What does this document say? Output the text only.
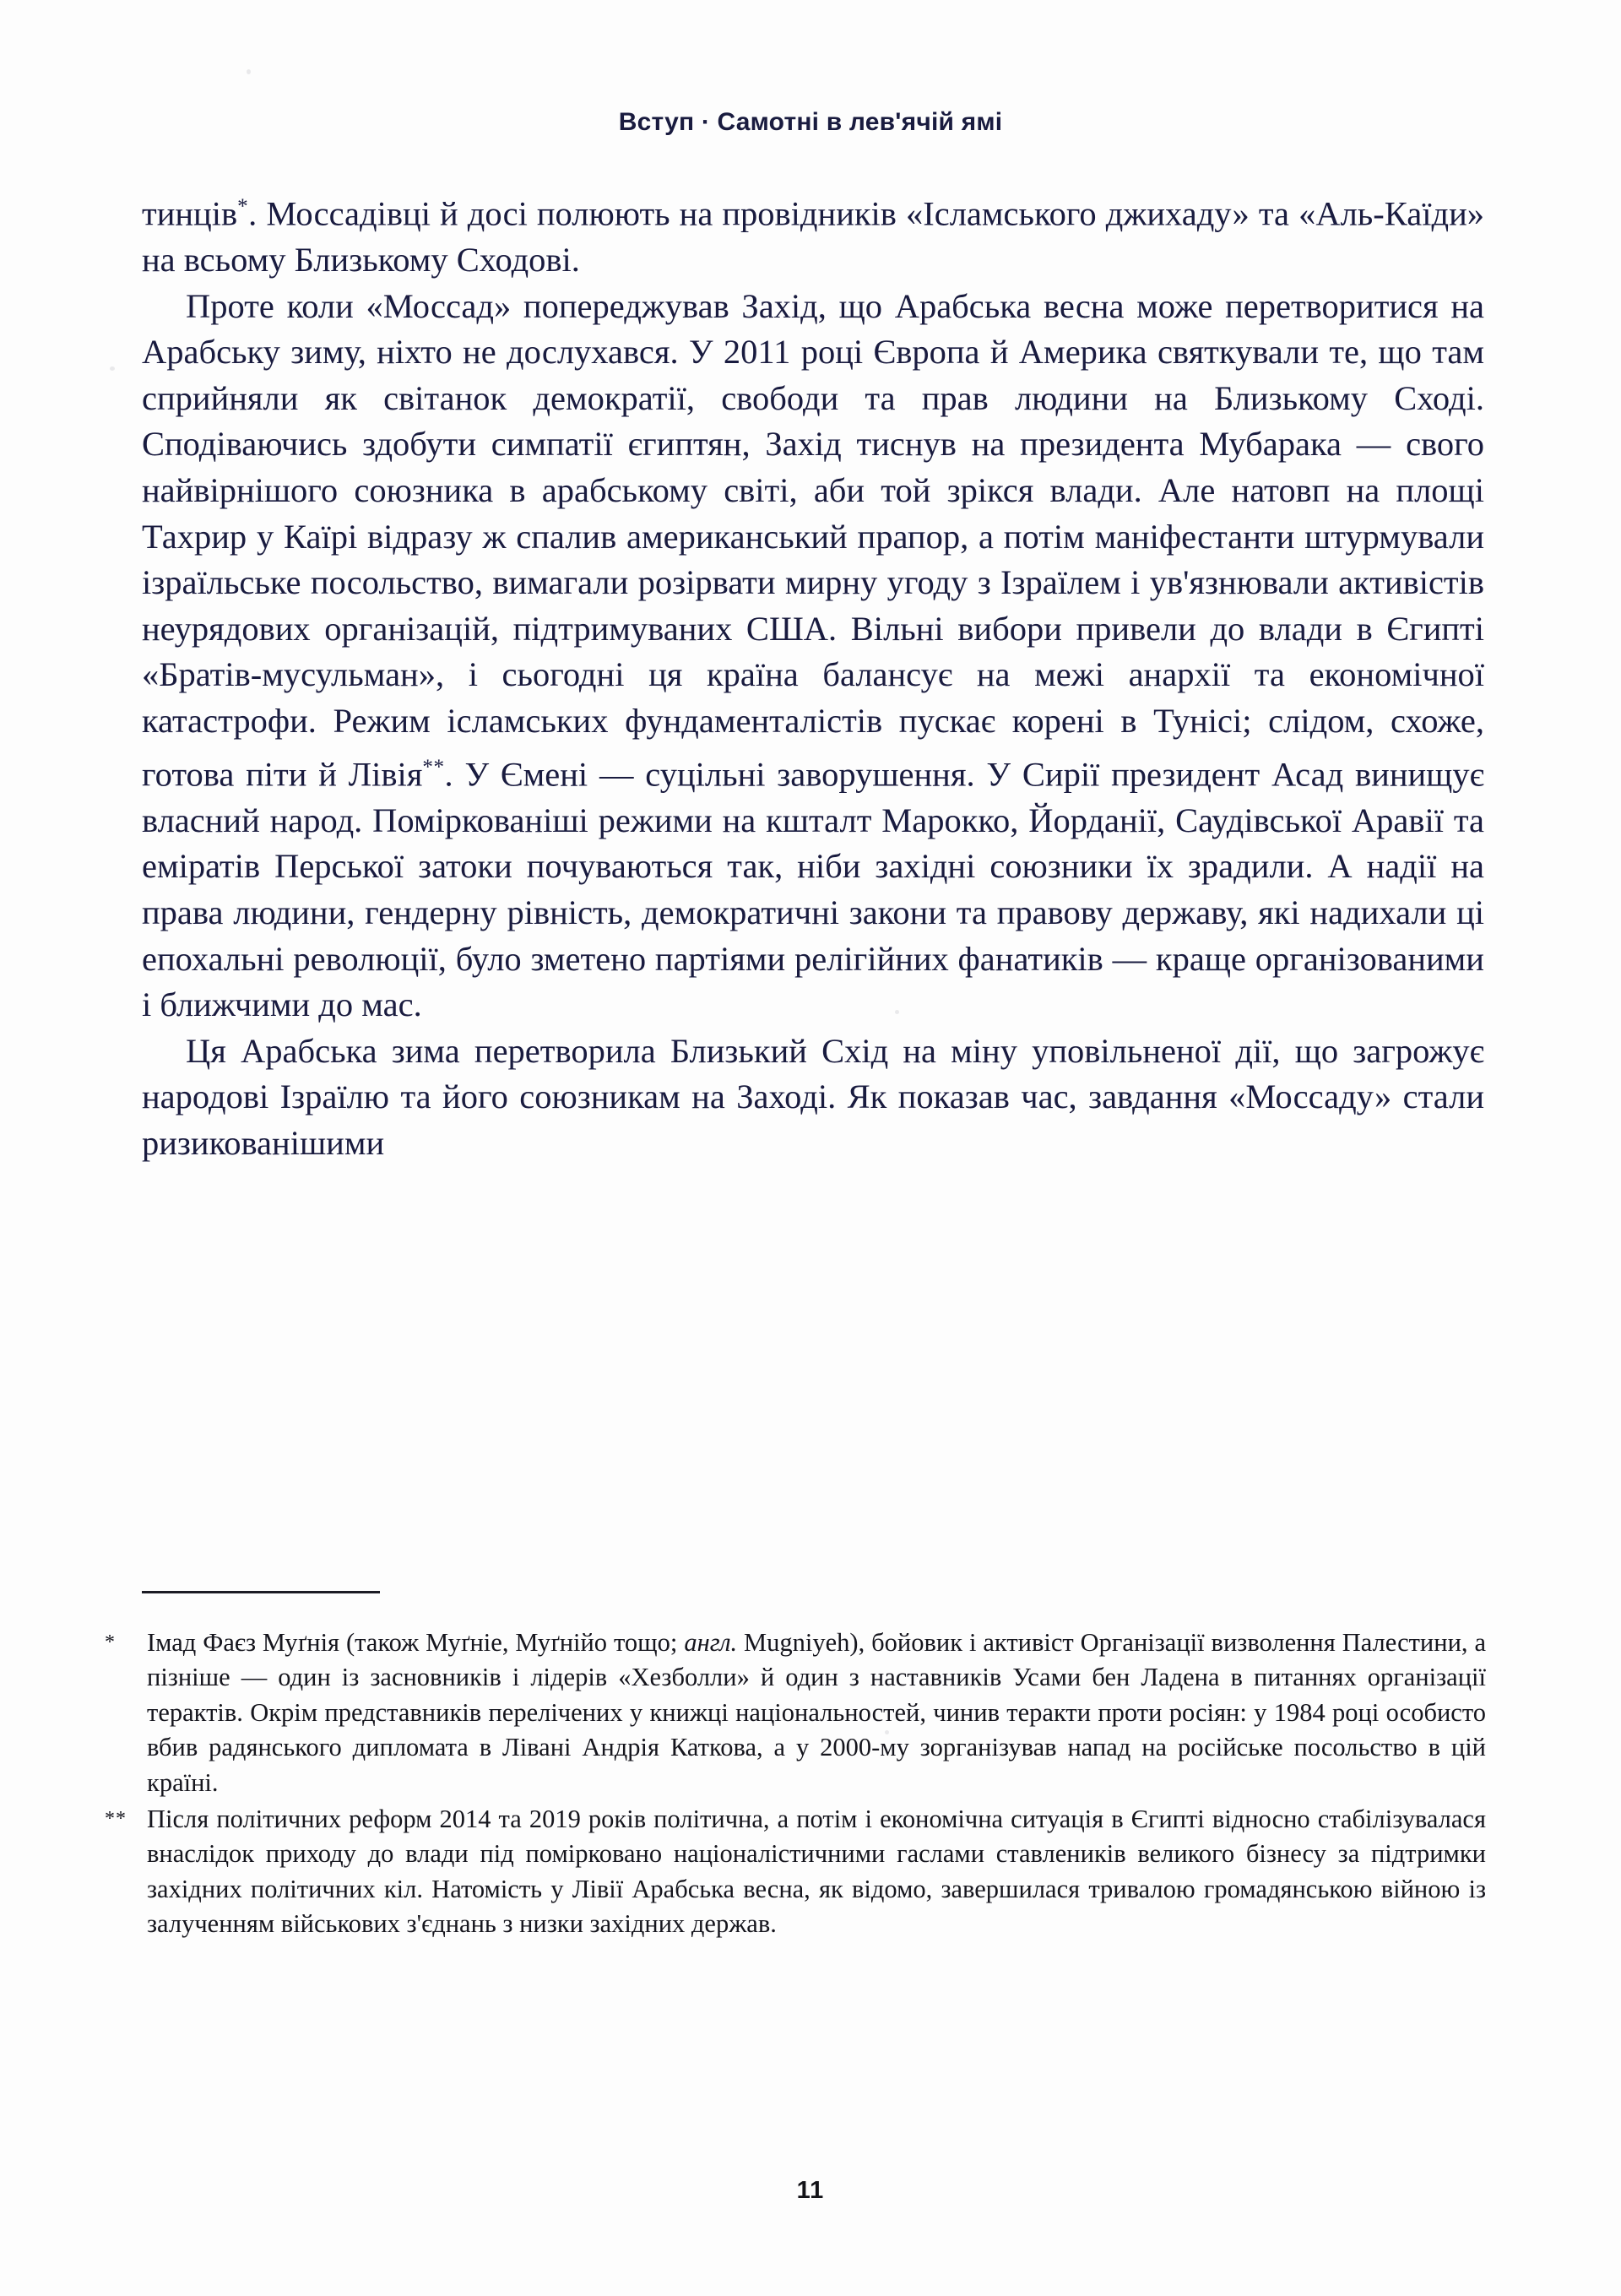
Вступ · Самотні в лев'ячій ямі

тинців*. Моссадівці й досі полюють на провідників «Ісламського джихаду» та «Аль-Каїди» на всьому Близькому Сходові.

Проте коли «Моссад» попереджував Захід, що Арабська весна може перетворитися на Арабську зиму, ніхто не дослухався. У 2011 році Європа й Америка святкували те, що там сприйняли як світанок демократії, свободи та прав людини на Близькому Сході. Сподіваючись здобути симпатії єгиптян, Захід тиснув на президента Мубарака — свого найвірнішого союзника в арабському світі, аби той зрікся влади. Але натовп на площі Тахрир у Каїрі відразу ж спалив американський прапор, а потім маніфестанти штурмували ізраїльське посольство, вимагали розірвати мирну угоду з Ізраїлем і ув'язнювали активістів неурядових організацій, підтримуваних США. Вільні вибори привели до влади в Єгипті «Братів-мусульман», і сьогодні ця країна балансує на межі анархії та економічної катастрофи. Режим ісламських фундаменталістів пускає корені в Тунісі; слідом, схоже, готова піти й Лівія**. У Ємені — суцільні заворушення. У Сирії президент Асад винищує власний народ. Поміркованіші режими на кшталт Марокко, Йорданії, Саудівської Аравії та еміратів Перської затоки почуваються так, ніби західні союзники їх зрадили. А надії на права людини, гендерну рівність, демократичні закони та правову державу, які надихали ці епохальні революції, було зметено партіями релігійних фанатиків — краще організованими і ближчими до мас.

Ця Арабська зима перетворила Близький Схід на міну уповільненої дії, що загрожує народові Ізраїлю та його союзникам на Заході. Як показав час, завдання «Моссаду» стали ризикованішими

*	Імад Фаєз Муґнія (також Муґніе, Муґнійо тощо; англ. Mugniyeh), бойовик і активіст Організації визволення Палестини, а пізніше — один із засновників і лідерів «Хезболли» й один з наставників Усами бен Ладена в питаннях організації терактів. Окрім представників перелічених у книжці національностей, чинив теракти проти росіян: у 1984 році особисто вбив радянського дипломата в Лівані Андрія Каткова, а у 2000-му зорганізував напад на російське посольство в цій країні.
** Після політичних реформ 2014 та 2019 років політична, а потім і економічна ситуація в Єгипті відносно стабілізувалася внаслідок приходу до влади під помірковано націоналістичними гаслами ставлеників великого бізнесу за підтримки західних політичних кіл. Натомість у Лівії Арабська весна, як відомо, завершилася тривалою громадянською війною із залученням військових з'єднань з низки західних держав.
11
